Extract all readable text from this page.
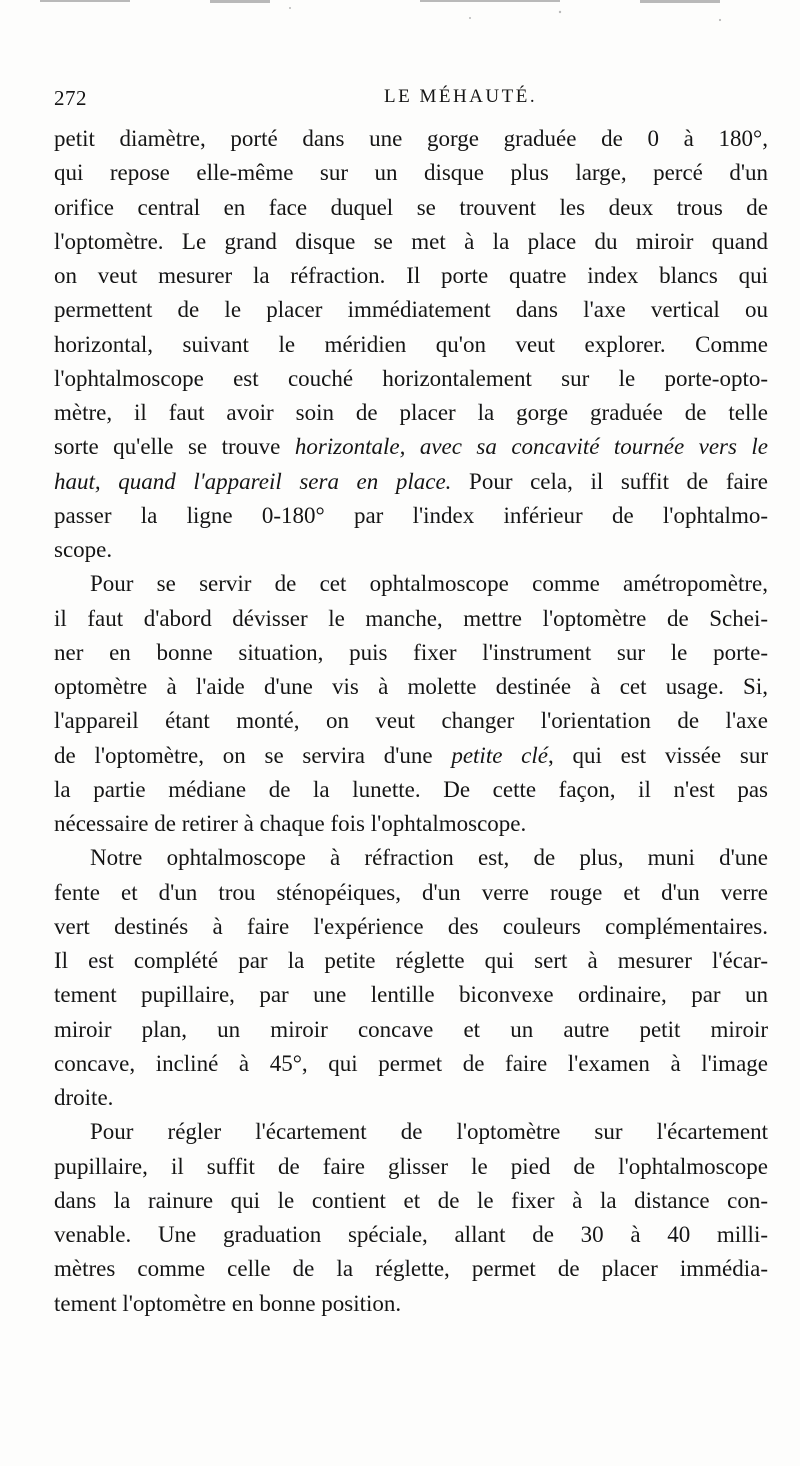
272	LE MÉHAUTÉ.
petit diamètre, porté dans une gorge graduée de 0 à 180°,
qui repose elle-même sur un disque plus large, percé d'un
orifice central en face duquel se trouvent les deux trous de
l'optomètre. Le grand disque se met à la place du miroir quand
on veut mesurer la réfraction. Il porte quatre index blancs qui
permettent de le placer immédiatement dans l'axe vertical ou
horizontal, suivant le méridien qu'on veut explorer. Comme
l'ophtalmoscope est couché horizontalement sur le porte-opto-
mètre, il faut avoir soin de placer la gorge graduée de telle
sorte qu'elle se trouve horizontale, avec sa concavité tournée vers le
haut, quand l'appareil sera en place. Pour cela, il suffit de faire
passer la ligne 0-180° par l'index inférieur de l'ophtalmo-
scope.
Pour se servir de cet ophtalmoscope comme amétropomètre,
il faut d'abord dévisser le manche, mettre l'optomètre de Schei-
ner en bonne situation, puis fixer l'instrument sur le porte-
optomètre à l'aide d'une vis à molette destinée à cet usage. Si,
l'appareil étant monté, on veut changer l'orientation de l'axe
de l'optomètre, on se servira d'une petite clé, qui est vissée sur
la partie médiane de la lunette. De cette façon, il n'est pas
nécessaire de retirer à chaque fois l'ophtalmoscope.
Notre ophtalmoscope à réfraction est, de plus, muni d'une
fente et d'un trou sténopéiques, d'un verre rouge et d'un verre
vert destinés à faire l'expérience des couleurs complémentaires.
Il est complété par la petite réglette qui sert à mesurer l'écar-
tement pupillaire, par une lentille biconvexe ordinaire, par un
miroir plan, un miroir concave et un autre petit miroir
concave, incliné à 45°, qui permet de faire l'examen à l'image
droite.
Pour régler l'écartement de l'optomètre sur l'écartement
pupillaire, il suffit de faire glisser le pied de l'ophtalmoscope
dans la rainure qui le contient et de le fixer à la distance con-
venable. Une graduation spéciale, allant de 30 à 40 milli-
mètres comme celle de la réglette, permet de placer immédia-
tement l'optomètre en bonne position.
